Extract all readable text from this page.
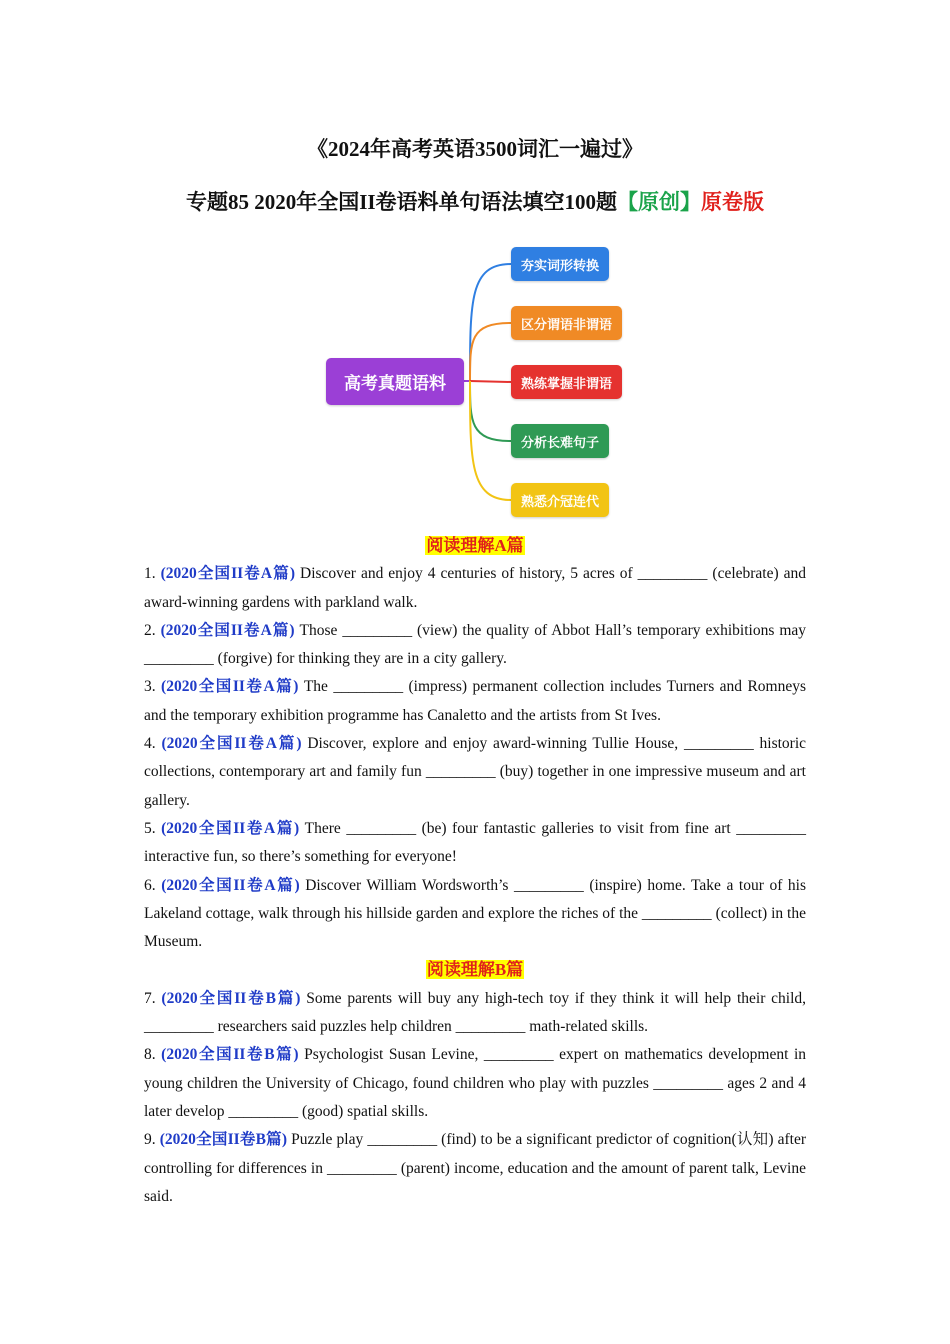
《2024年高考英语3500词汇一遍过》
专题85 2020年全国II卷语料单句语法填空100题【原创】原卷版
高考真题语料
夯实词形转换
区分谓语非谓语
熟练掌握非谓语
分析长难句子
熟悉介冠连代
阅读理解A篇
1. (2020全国II卷A篇) Discover and enjoy 4 centuries of history, 5 acres of _________ (celebrate) and award-winning gardens with parkland walk.
2. (2020全国II卷A篇) Those _________ (view) the quality of Abbot Hall’s temporary exhibitions may _________ (forgive) for thinking they are in a city gallery.
3. (2020全国II卷A篇) The _________ (impress) permanent collection includes Turners and Romneys and the temporary exhibition programme has Canaletto and the artists from St Ives.
4. (2020全国II卷A篇) Discover, explore and enjoy award-winning Tullie House, _________ historic collections, contemporary art and family fun _________ (buy) together in one impressive museum and art gallery.
5. (2020全国II卷A篇) There _________ (be) four fantastic galleries to visit from fine art _________ interactive fun, so there’s something for everyone!
6. (2020全国II卷A篇) Discover William Wordsworth’s _________ (inspire) home. Take a tour of his Lakeland cottage, walk through his hillside garden and explore the riches of the _________ (collect) in the Museum.
阅读理解B篇
7. (2020全国II卷B篇) Some parents will buy any high-tech toy if they think it will help their child, _________ researchers said puzzles help children _________ math-related skills.
8. (2020全国II卷B篇) Psychologist Susan Levine, _________ expert on mathematics development in young children the University of Chicago, found children who play with puzzles _________ ages 2 and 4 later develop _________ (good) spatial skills.
9. (2020全国II卷B篇) Puzzle play _________ (find) to be a significant predictor of cognition(认知) after controlling for differences in _________ (parent) income, education and the amount of parent talk, Levine said.
